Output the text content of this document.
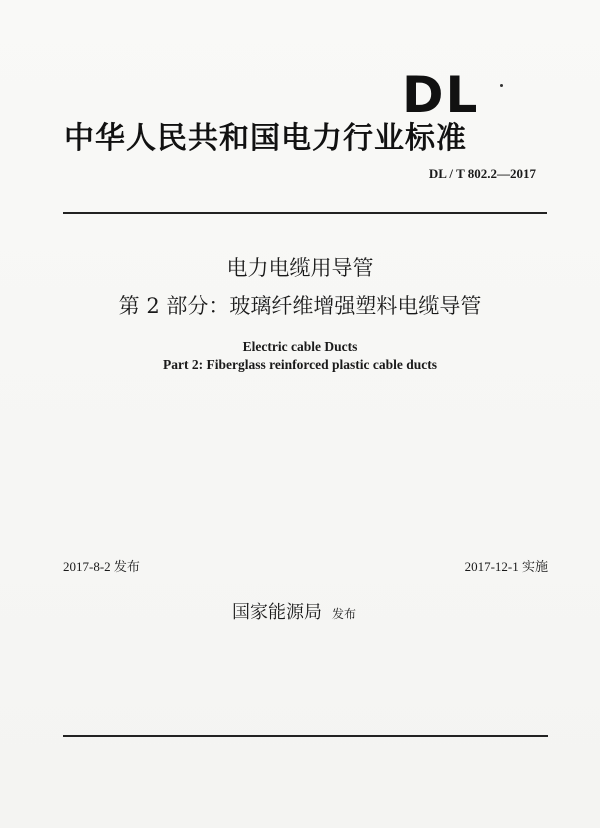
DL
中华人民共和国电力行业标准
DL / T 802.2—2017
电力电缆用导管
第 2 部分：玻璃纤维增强塑料电缆导管
Electric cable Ducts
Part 2: Fiberglass reinforced plastic cable ducts
2017-8-2 发布	2017-12-1 实施
国家能源局 发布
